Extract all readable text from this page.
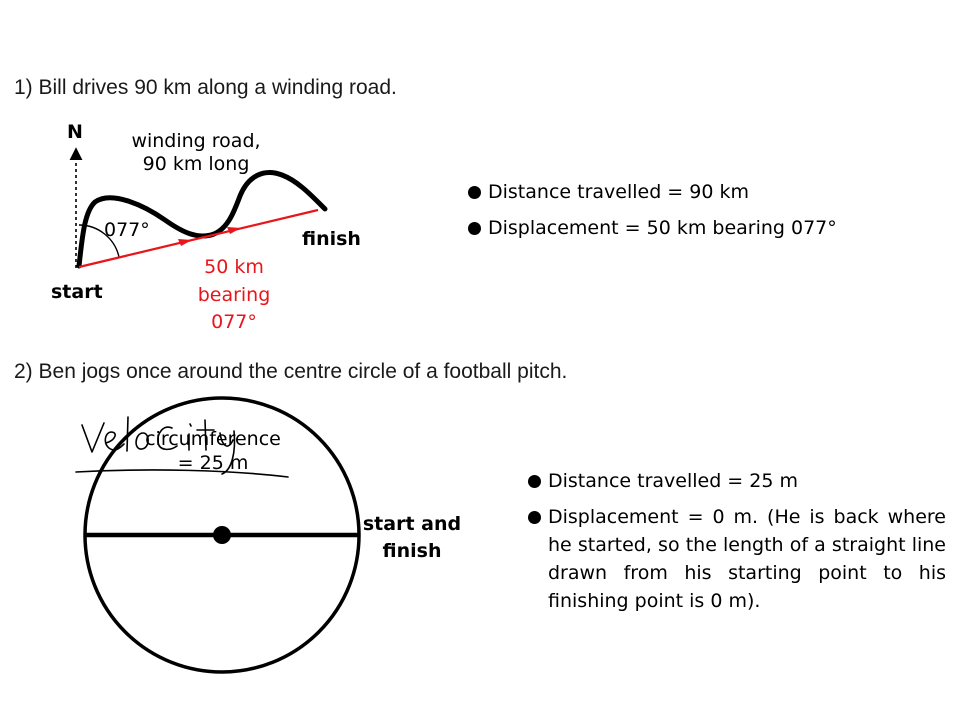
1) Bill drives 90 km along a winding road.
2) Ben jogs once around the centre circle of a football pitch.
N	winding road,
90 km long
077°
start
finish
50 km
bearing
077°
Distance travelled = 90 km
Displacement = 50 km bearing 077°
circumference
= 25 m
start and
finish
Distance travelled = 25 m
Displacement = 0 m. (He is back where he started, so the length of a straight line drawn from his starting point to his finishing point is 0 m).
